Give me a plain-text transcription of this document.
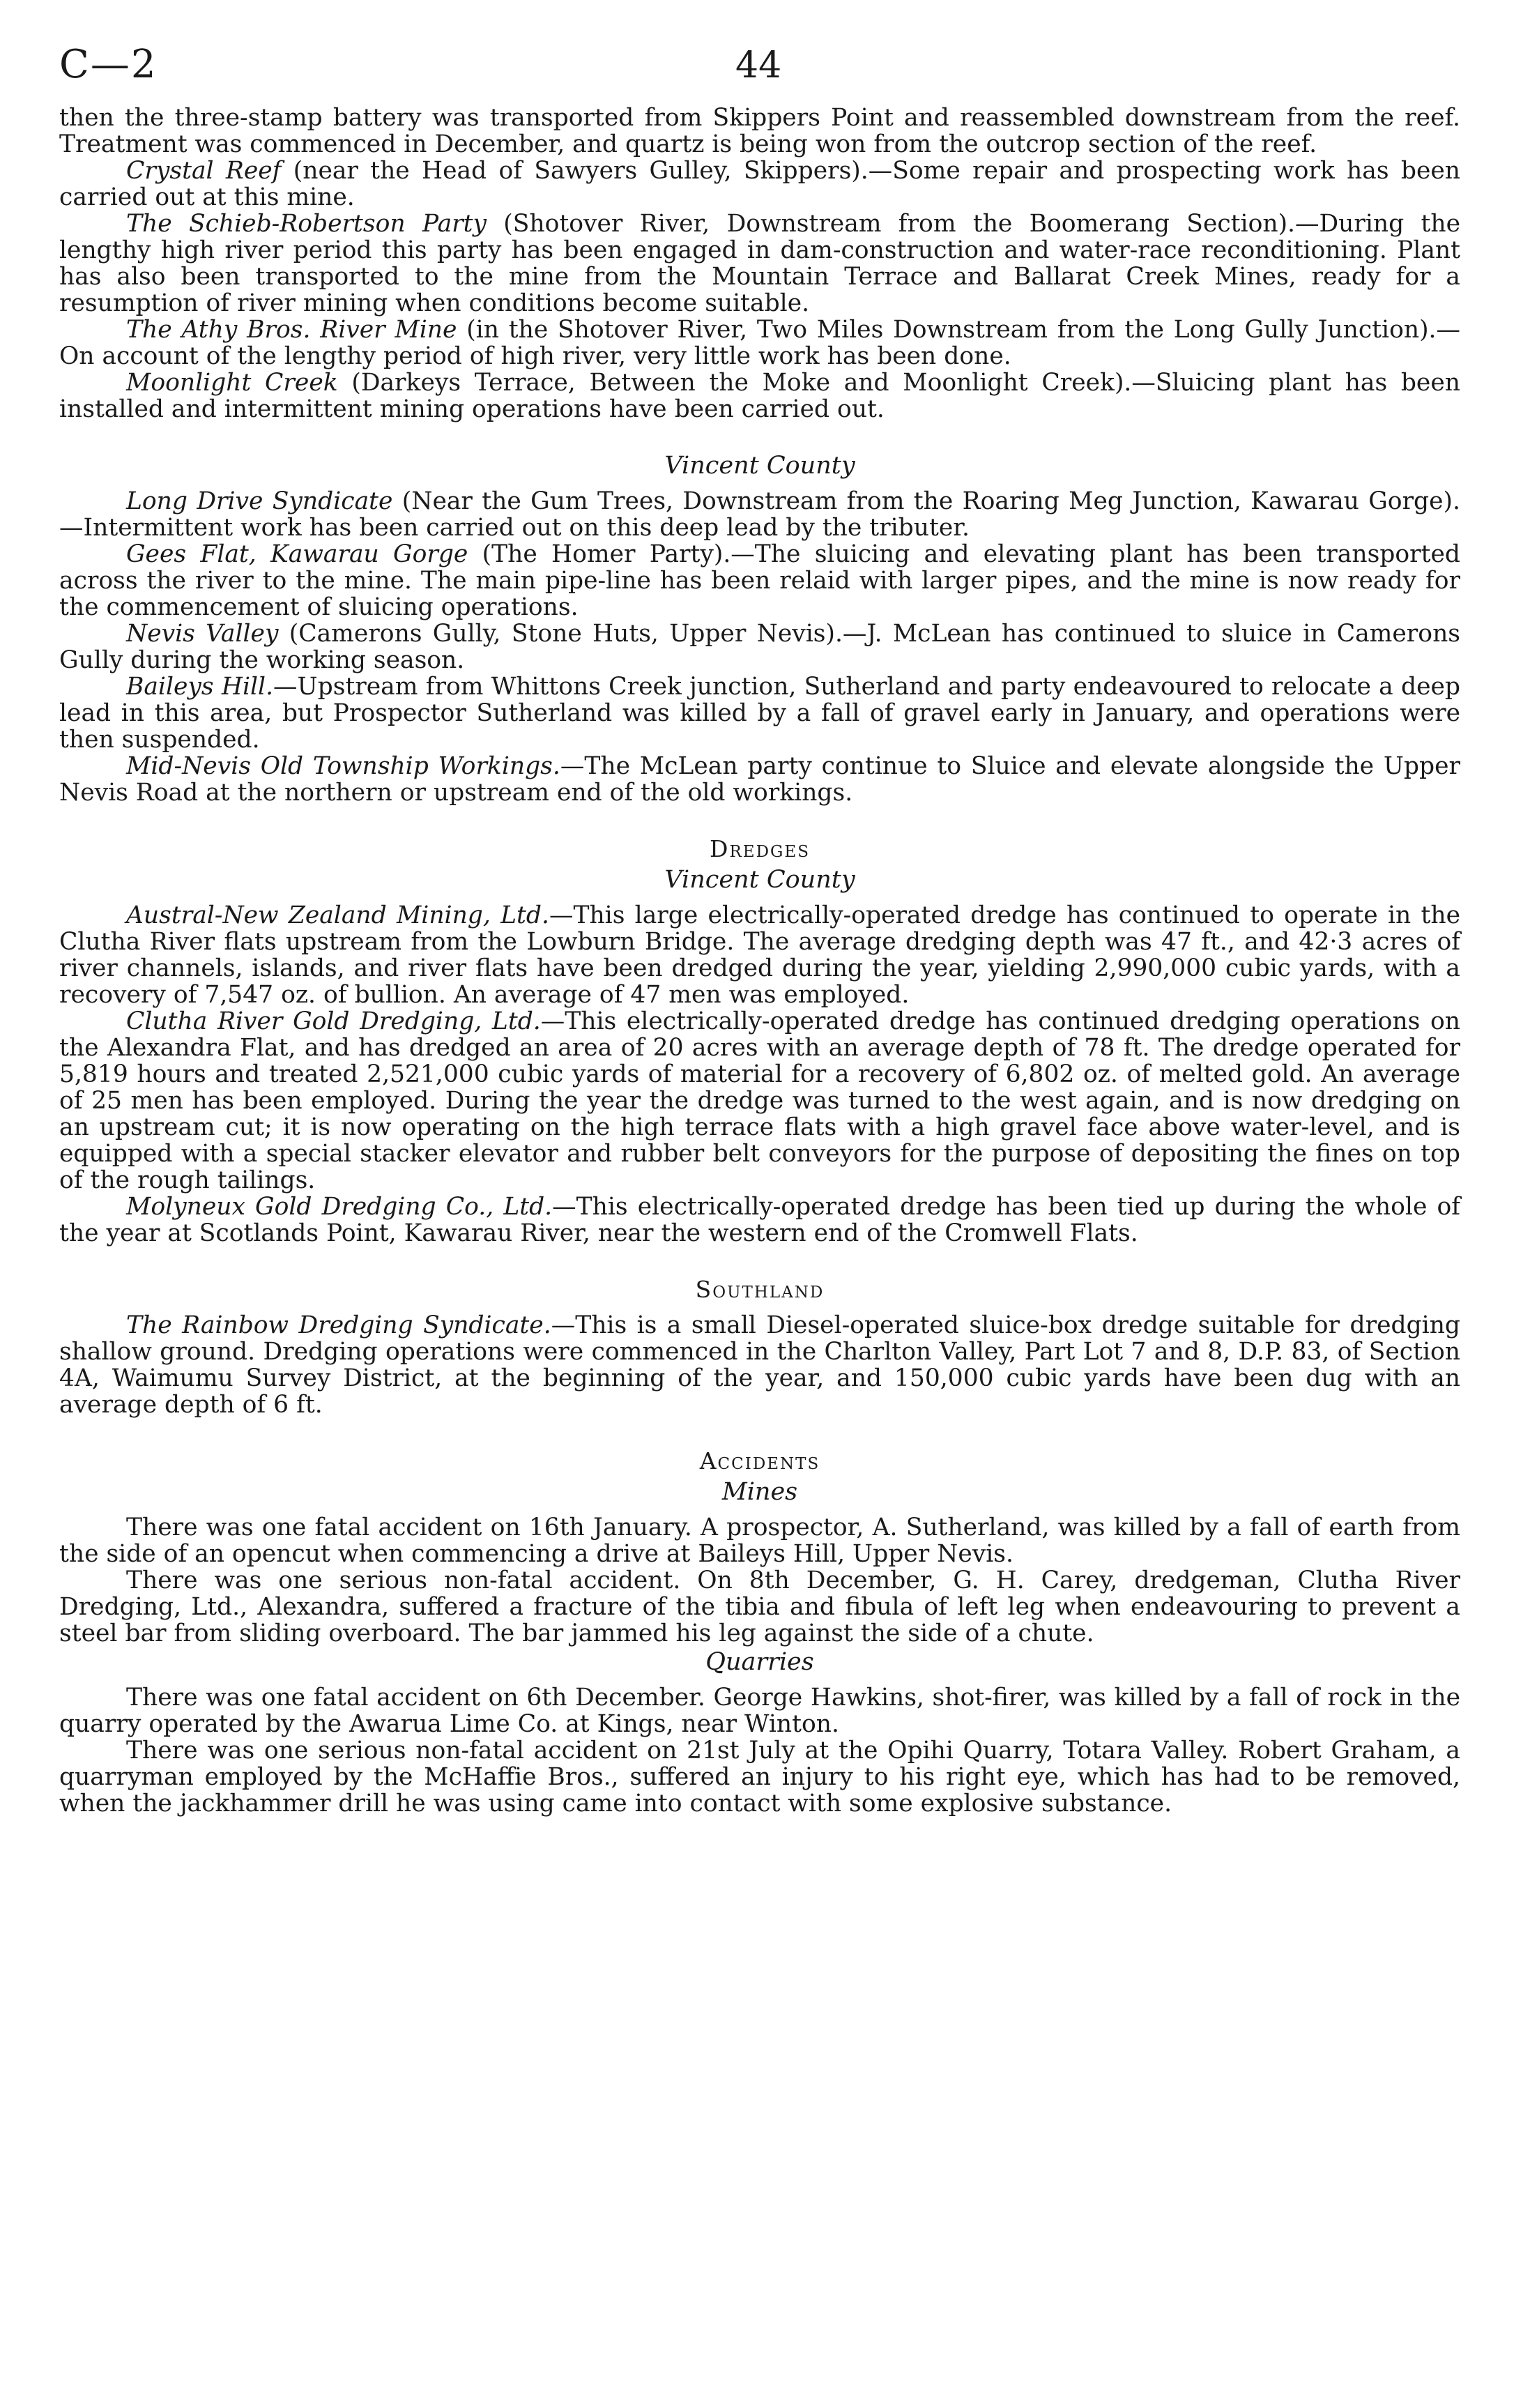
C—2	44

then the three-stamp battery was transported from Skippers Point and reassembled downstream from the reef. Treatment was commenced in December, and quartz is being won from the outcrop section of the reef.

Crystal Reef (near the Head of Sawyers Gulley, Skippers).—Some repair and prospecting work has been carried out at this mine.

The Schieb-Robertson Party (Shotover River, Downstream from the Boomerang Section).—During the lengthy high river period this party has been engaged in dam-construction and water-race reconditioning. Plant has also been transported to the mine from the Mountain Terrace and Ballarat Creek Mines, ready for a resumption of river mining when conditions become suitable.

The Athy Bros. River Mine (in the Shotover River, Two Miles Downstream from the Long Gully Junction).—On account of the lengthy period of high river, very little work has been done.

Moonlight Creek (Darkeys Terrace, Between the Moke and Moonlight Creek).—Sluicing plant has been installed and intermittent mining operations have been carried out.

Vincent County

Long Drive Syndicate (Near the Gum Trees, Downstream from the Roaring Meg Junction, Kawarau Gorge).—Intermittent work has been carried out on this deep lead by the tributer.

Gees Flat, Kawarau Gorge (The Homer Party).—The sluicing and elevating plant has been transported across the river to the mine. The main pipe-line has been relaid with larger pipes, and the mine is now ready for the commencement of sluicing operations.

Nevis Valley (Camerons Gully, Stone Huts, Upper Nevis).—J. McLean has continued to sluice in Camerons Gully during the working season.

Baileys Hill.—Upstream from Whittons Creek junction, Sutherland and party endeavoured to relocate a deep lead in this area, but Prospector Sutherland was killed by a fall of gravel early in January, and operations were then suspended.

Mid-Nevis Old Township Workings.—The McLean party continue to Sluice and elevate alongside the Upper Nevis Road at the northern or upstream end of the old workings.

Dredges

Vincent County

Austral-New Zealand Mining, Ltd.—This large electrically-operated dredge has continued to operate in the Clutha River flats upstream from the Lowburn Bridge. The average dredging depth was 47 ft., and 42·3 acres of river channels, islands, and river flats have been dredged during the year, yielding 2,990,000 cubic yards, with a recovery of 7,547 oz. of bullion. An average of 47 men was employed.

Clutha River Gold Dredging, Ltd.—This electrically-operated dredge has continued dredging operations on the Alexandra Flat, and has dredged an area of 20 acres with an average depth of 78 ft. The dredge operated for 5,819 hours and treated 2,521,000 cubic yards of material for a recovery of 6,802 oz. of melted gold. An average of 25 men has been employed. During the year the dredge was turned to the west again, and is now dredging on an upstream cut; it is now operating on the high terrace flats with a high gravel face above water-level, and is equipped with a special stacker elevator and rubber belt conveyors for the purpose of depositing the fines on top of the rough tailings.

Molyneux Gold Dredging Co., Ltd.—This electrically-operated dredge has been tied up during the whole of the year at Scotlands Point, Kawarau River, near the western end of the Cromwell Flats.

Southland

The Rainbow Dredging Syndicate.—This is a small Diesel-operated sluice-box dredge suitable for dredging shallow ground. Dredging operations were commenced in the Charlton Valley, Part Lot 7 and 8, D.P. 83, of Section 4A, Waimumu Survey District, at the beginning of the year, and 150,000 cubic yards have been dug with an average depth of 6 ft.

Accidents

Mines

There was one fatal accident on 16th January. A prospector, A. Sutherland, was killed by a fall of earth from the side of an opencut when commencing a drive at Baileys Hill, Upper Nevis.

There was one serious non-fatal accident. On 8th December, G. H. Carey, dredgeman, Clutha River Dredging, Ltd., Alexandra, suffered a fracture of the tibia and fibula of left leg when endeavouring to prevent a steel bar from sliding overboard. The bar jammed his leg against the side of a chute.

Quarries

There was one fatal accident on 6th December. George Hawkins, shot-firer, was killed by a fall of rock in the quarry operated by the Awarua Lime Co. at Kings, near Winton.

There was one serious non-fatal accident on 21st July at the Opihi Quarry, Totara Valley. Robert Graham, a quarryman employed by the McHaffie Bros., suffered an injury to his right eye, which has had to be removed, when the jackhammer drill he was using came into contact with some explosive substance.
